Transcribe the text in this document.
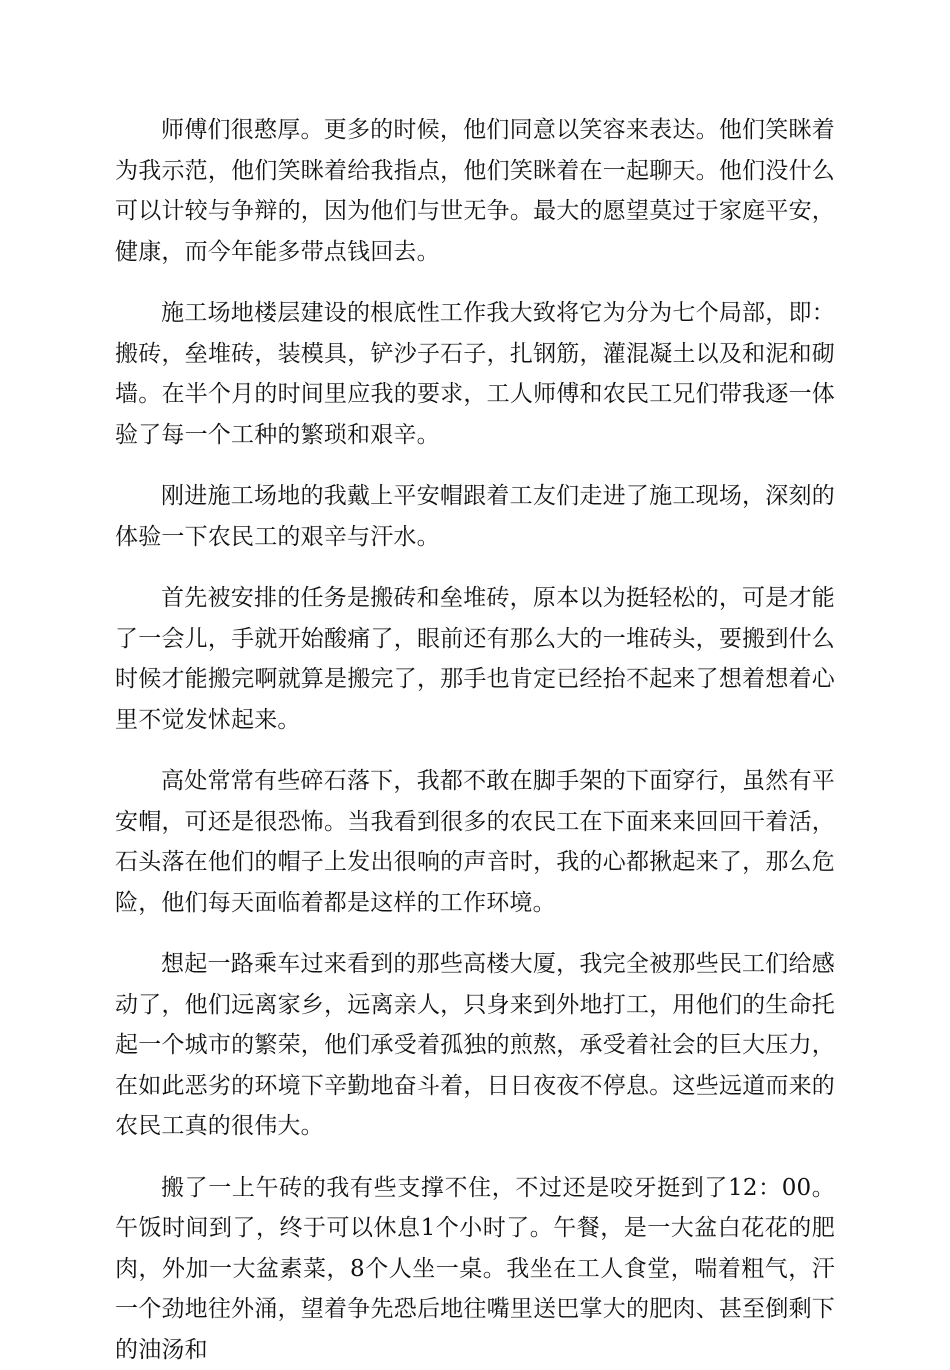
师傅们很憨厚。更多的时候，他们同意以笑容来表达。他们笑眯着为我示范，他们笑眯着给我指点，他们笑眯着在一起聊天。他们没什么可以计较与争辩的，因为他们与世无争。最大的愿望莫过于家庭平安，健康，而今年能多带点钱回去。

施工场地楼层建设的根底性工作我大致将它为分为七个局部，即：搬砖，垒堆砖，装模具，铲沙子石子，扎钢筋，灌混凝土以及和泥和砌墙。在半个月的时间里应我的要求，工人师傅和农民工兄们带我逐一体验了每一个工种的繁琐和艰辛。

刚进施工场地的我戴上平安帽跟着工友们走进了施工现场，深刻的体验一下农民工的艰辛与汗水。

首先被安排的任务是搬砖和垒堆砖，原本以为挺轻松的，可是才能了一会儿，手就开始酸痛了，眼前还有那么大的一堆砖头，要搬到什么时候才能搬完啊就算是搬完了，那手也肯定已经抬不起来了想着想着心里不觉发怵起来。

高处常常有些碎石落下，我都不敢在脚手架的下面穿行，虽然有平安帽，可还是很恐怖。当我看到很多的农民工在下面来来回回干着活，石头落在他们的帽子上发出很响的声音时，我的心都揪起来了，那么危险，他们每天面临着都是这样的工作环境。

想起一路乘车过来看到的那些高楼大厦，我完全被那些民工们给感动了，他们远离家乡，远离亲人，只身来到外地打工，用他们的生命托起一个城市的繁荣，他们承受着孤独的煎熬，承受着社会的巨大压力，在如此恶劣的环境下辛勤地奋斗着，日日夜夜不停息。这些远道而来的农民工真的很伟大。

搬了一上午砖的我有些支撑不住，不过还是咬牙挺到了12：00。午饭时间到了，终于可以休息1个小时了。午餐，是一大盆白花花的肥肉，外加一大盆素菜，8个人坐一桌。我坐在工人食堂，喘着粗气，汗一个劲地往外涌，望着争先恐后地往嘴里送巴掌大的肥肉、甚至倒剩下的油汤和
